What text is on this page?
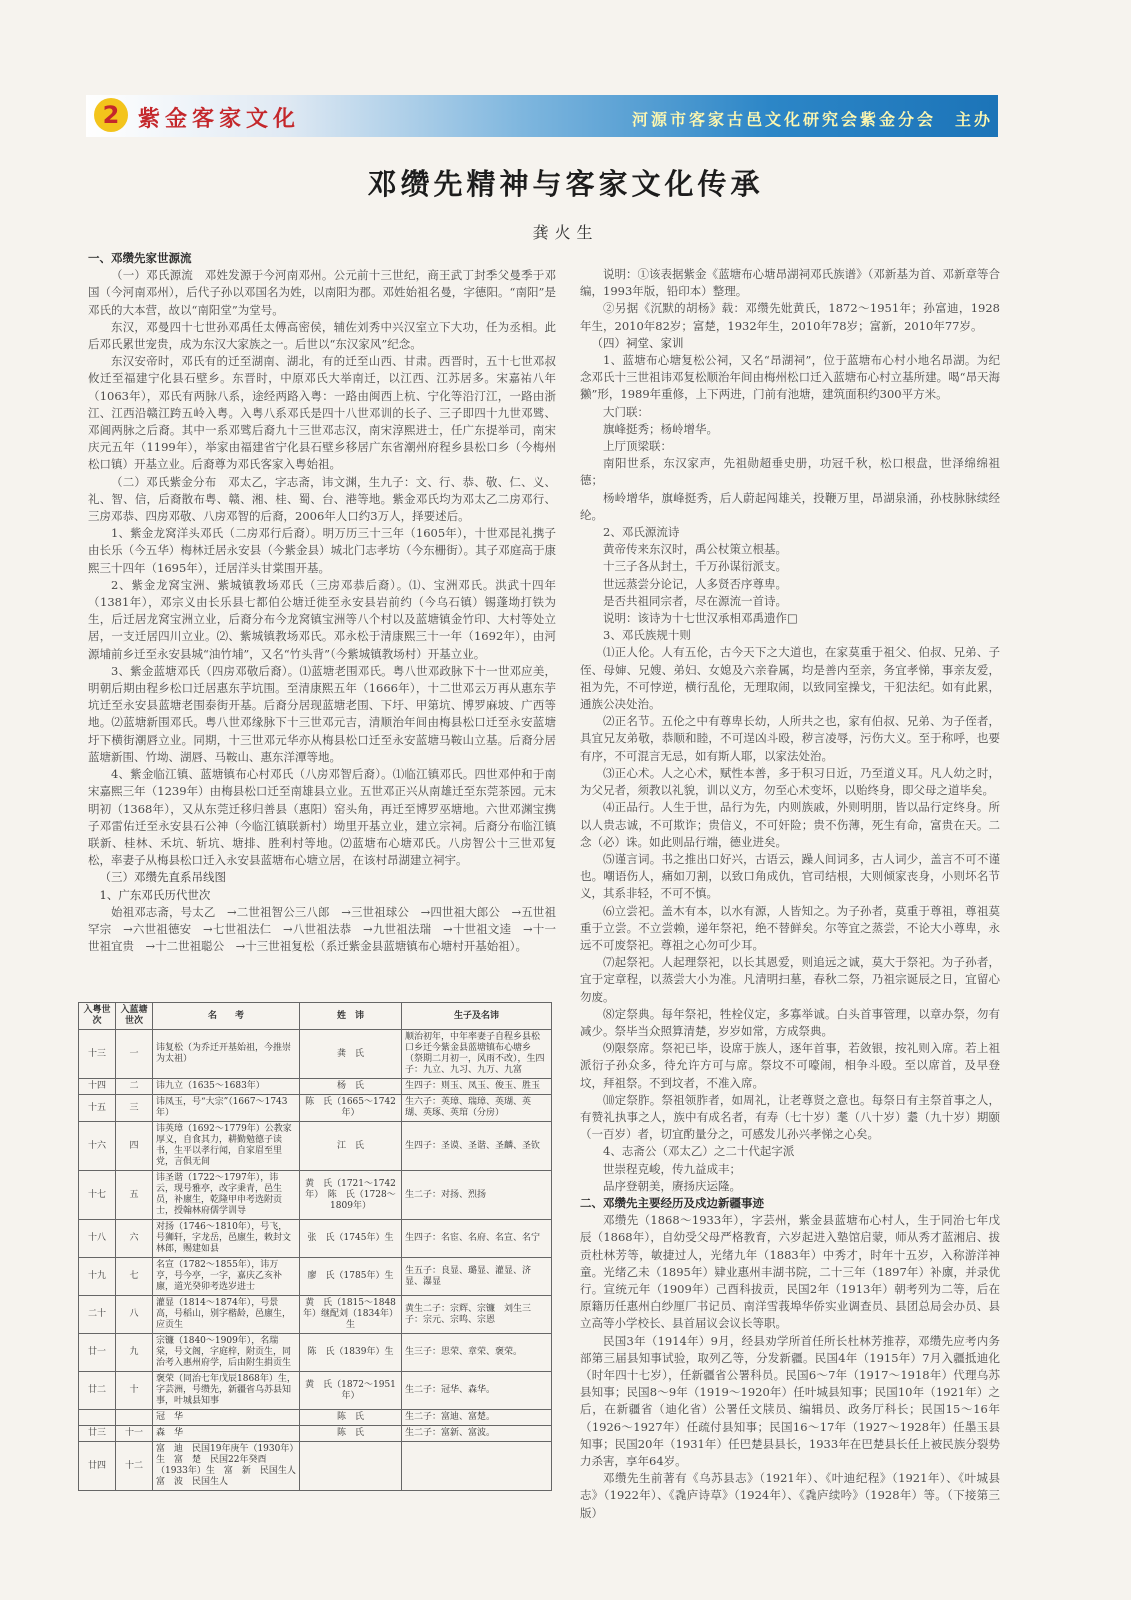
2 紫金客家文化	河源市客家古邑文化研究会紫金分会　主办
邓缵先精神与客家文化传承
龚火生

一、邓缵先家世源流

（一）邓氏源流　邓姓发源于今河南邓州。公元前十三世纪，商王武丁封季父曼季于邓国（今河南邓州），后代子孙以邓国名为姓，以南阳为郡。邓姓始祖名曼，字德阳。“南阳”是邓氏的大本营，故以“南阳堂”为堂号。

东汉，邓曼四十七世孙邓禹任太傅高密侯，辅佐刘秀中兴汉室立下大功，任为丞相。此后邓氏累世宠贵，成为东汉大家族之一。后世以“东汉家风”纪念。

东汉安帝时，邓氏有的迁至湖南、湖北，有的迁至山西、甘肃。西晋时，五十七世邓叔攸迁至福建宁化县石壁乡。东晋时，中原邓氏大举南迁，以江西、江苏居多。宋嘉祐八年（1063年），邓氏有两脉八系，途经两路入粤：一路由闽西上杭、宁化等沿汀江，一路由浙江、江西沿赣江跨五岭入粤。入粤八系邓氏是四十八世邓训的长子、三子即四十九世邓骘、邓阊两脉之后裔。其中一系邓骘后裔九十三世邓志汉，南宋淳熙进士，任广东提举司，南宋庆元五年（1199年），举家由福建省宁化县石壁乡移居广东省潮州府程乡县松口乡（今梅州松口镇）开基立业。后裔尊为邓氏客家入粤始祖。

（二）邓氏紫金分布　邓太乙，字志斋，讳文渊，生九子：文、行、恭、敬、仁、义、礼、智、信，后裔散布粤、赣、湘、桂、蜀、台、港等地。紫金邓氏均为邓太乙二房邓行、三房邓恭、四房邓敬、八房邓智的后裔，2006年人口约3万人，择要述后。

1、紫金龙窝洋头邓氏（二房邓行后裔）。明万历三十三年（1605年），十世邓昆礼携子由长乐（今五华）梅林迁居永安县（今紫金县）城北门志孝坊（今东栅街）。其子邓庭高于康熙三十四年（1695年），迁居洋头甘棠围开基。

2、紫金龙窝宝洲、紫城镇教场邓氏（三房邓恭后裔）。⑴、宝洲邓氏。洪武十四年（1381年），邓宗义由长乐县七都伯公塘迁徙至永安县岩前约（今乌石镇）锡蓬坳打铁为生，后迁居龙窝宝洲立业，后裔分布今龙窝镇宝洲等八个村以及蓝塘镇金竹印、大村等处立居，一支迁居四川立业。⑵、紫城镇教场邓氏。邓永松于清康熙三十一年（1692年），由河源埔前乡迁至永安县城“油竹埔”，又名“竹头背”（今紫城镇教场村）开基立业。

3、紫金蓝塘邓氏（四房邓敬后裔）。⑴蓝塘老围邓氏。粤八世邓政脉下十一世邓应美，明朝后期由程乡松口迁居惠东芋坑围。至清康熙五年（1666年），十二世邓云万再从惠东芋坑迁至永安县蓝塘老围泰街开基。后裔分居现蓝塘老围、下圩、甲第坑、博罗麻坡、广西等地。⑵蓝塘新围邓氏。粤八世邓缘脉下十三世邓元吉，清顺治年间由梅县松口迁至永安蓝塘圩下横街潮唇立业。同期，十三世邓元华亦从梅县松口迁至永安蓝塘马鞍山立基。后裔分居蓝塘新围、竹坳、湖唇、马鞍山、惠东洋潭等地。

4、紫金临江镇、蓝塘镇布心村邓氏（八房邓智后裔）。⑴临江镇邓氏。四世邓仲和于南宋嘉熙三年（1239年）由梅县松口迁至南雄县立业。五世邓正兴从南雄迁至东莞茶园。元末明初（1368年），又从东莞迁移归善县（惠阳）窑头角，再迁至博罗巫塘地。六世邓渊宝携子邓雷佑迁至永安县石公神（今临江镇联新村）坳里开基立业，建立宗祠。后裔分布临江镇联新、桂林、禾坑、斩坑、塘排、胜利村等地。⑵蓝塘布心塘邓氏。八房智公十三世邓复松，率妻子从梅县松口迁入永安县蓝塘布心塘立居，在该村昂湖建立祠宇。

（三）邓缵先直系吊线图

1、广东邓氏历代世次

始祖邓志斋，号太乙　→二世祖智公三八郎　→三世祖球公　→四世祖大郎公　→五世祖罕宗　→六世祖德安　→七世祖法仁　→八世祖法恭　→九世祖法瑞　→十世祖文逵　→十一世祖宜贵　→十二世祖聪公　→十三世祖复松（系迁紫金县蓝塘镇布心塘村开基始祖）。

入粤世次	入蓝塘世次	名　　考	姓　讳	生子及名讳
十三	一	讳复松（为乔迁开基始祖，今推崇为太祖）	龚　氏	顺治初年，中年率妻子自程乡县松口乡迁今紫金县蓝塘镇布心塘乡（祭期二月初一，风雨不改），生四子：九立、九习、九万、九富
十四	二	讳九立（1635～1683年）	杨　氏	生四子：则玉、凤玉、俊玉、胜玉
十五	三	讳凤玉，号“大宗”（1667～1743年）	陈　氏（1665～1742年）	生六子：英璋、瑞璋、英瑚、英瑚、英琢、英琯（分房）
十六	四	讳英璋（1692～1779年）公教家厚义，自食其力，耕勤勉德子读书，生平以孝行闻，自家眉至里党，言俱无间	江　氏	生四子：圣谟、圣谐、圣麟、圣钦
十七	五	讳圣谐（1722～1797年），讳云，现号雅亭，改字秉青，邑生员，补廪生，乾隆甲申考选附贡士，授翰林府儒学训导	黄　氏（1721～1742年）　陈　氏（1728～1809年）	生二子：对扬、烈扬
十八	六	对扬（1746～1810年），号飞，号狮轩，字龙岳，邑廪生，敕封文林郎，赐建如县	张　氏（1745年）生	生四子：名宦、名府、名宣、名宁
十九	七	名宣（1782～1855年），讳万亨，号今亭，一字，嘉庆乙亥补廪，道光癸卯考选岁进士	廖　氏（1785年）生	生五子：良显、璐显、灌显、济显、瀑显
二十	八	灌显（1814～1874年），号景高，号稻山，别字楷龄，邑廪生，应贡生	黄　氏（1815～1848年）继配刘（1834年）生	黄生二子：宗辉、宗镰　刘生三子：宗元、宗鸣、宗恩
廿一	九	宗镰（1840～1909年），名瑞棠，号文阁，字庭梓，附贡生，同治考入惠州府学，后由附生捐贡生	陈　氏（1839年）生	生三子：思荣、章荣、褒荣。
廿二	十	褒荣（同治七年戊辰1868年）生，字芸洲，号缵先，新疆省乌苏县知事，叶城县知事	黄　氏（1872～1951年）	生二子：冠华、森华。
		冠　华	陈　氏	生二子：富迪、富楚。
廿三	十一	森　华	陈　氏	生二子：富新、富波。
廿四	十二	富　迪　民国19年庚午（1930年）生　富　楚　民国22年癸酉（1933年）生　富　新　民国生人　富　波　民国生人		

说明：①该表据紫金《蓝塘布心塘昂湖祠邓氏族谱》（邓新基为首、邓新章等合编，1993年版，铅印本）整理。

②另据《沉默的胡杨》载：邓缵先妣黄氏，1872～1951年；孙富迪，1928年生，2010年82岁；富楚，1932年生，2010年78岁；富新，2010年77岁。

（四）祠堂、家训

1、蓝塘布心塘复松公祠，又名“昂湖祠”，位于蓝塘布心村小地名昂湖。为纪念邓氏十三世祖讳邓复松顺治年间由梅州松口迁入蓝塘布心村立基所建。喝“昂天海獭”形，1989年重修，上下两进，门前有池塘，建筑面积约300平方米。

大门联：

旗峰挺秀；杨岭增华。

上厅顶梁联：

南阳世系，东汉家声，先祖勋超垂史册，功冠千秋，松口根盘，世泽绵绵祖德；

杨岭增华，旗峰挺秀，后人蔚起闯雄关，投鞭万里，昂湖泉涌，孙枝脉脉续经纶。

2、邓氏源流诗

黄帝传来东汉时，禹公杖策立根基。

十三子各从封土，千万孙谋衍派支。

世远蒸尝分论记，人多贤否序尊卑。

是否共祖同宗者，尽在源流一首诗。

说明：该诗为十七世汉承相邓禹遗作□

3、邓氏族规十则

⑴正人伦。人有五伦，古今天下之大道也，在家莫重于祖父、伯叔、兄弟、子侄、母婶、兄嫂、弟妇、女媳及六亲眷属，均是善内至亲，务宜孝悌，事亲友爱，祖为先，不可悖逆，横行乱伦，无理取闹，以致同室操戈，干犯法纪。如有此累，通族公决处治。

⑵正名节。五伦之中有尊卑长幼，人所共之也，家有伯叔、兄弟、为子侄者，具宜兄友弟敬，恭顺和睦，不可逞凶斗殴，秽言凌辱，污伤大义。至于称呼，也要有序，不可混言无忌，如有斯人耶，以家法处治。

⑶正心术。人之心术，赋性本善，多于积习日近，乃至道义耳。凡人幼之时，为父兄者，须教以礼貌，训以义方，勿至心术变坏，以贻终身，即父母之道毕矣。

⑷正品行。人生于世，品行为先，内则族戚，外则明朋，皆以品行定终身。所以人贵志诚，不可欺诈；贵信义，不可奸险；贵不伤薄，死生有命，富贵在天。二念（必）诛。如此则品行端，德业进矣。

⑸谨言词。书之推出口好兴，古语云，躁人间词多，古人词少，盖言不可不谨也。嘲语伤人，痛如刀割，以致口角成仇，官司结根，大则倾家丧身，小则坏名节义，其系非轻，不可不慎。

⑹立尝祀。盖木有本，以水有源，人皆知之。为子孙者，莫重于尊祖，尊祖莫重于立尝。不立尝赖，递年祭祀，绝不替鲜矣。尔等宜之蒸尝，不论大小尊卑，永远不可废祭祀。尊祖之心勿可少耳。

⑺起祭祀。人起理祭祀，以长其恩爱，则追远之诚，莫大于祭祀。为子孙者，宜于定章程，以蒸尝大小为准。凡清明扫墓，春秋二祭，乃祖宗诞辰之日，宜留心勿废。

⑻定祭典。每年祭祀，牲栓仪定，多寡举诚。白头首事管理，以章办祭，勿有减少。祭毕当众照算清楚，岁岁如常，方成祭典。

⑼限祭席。祭祀已毕，设席于族人，逐年首事，若敛银，按礼则入席。若上祖派衍子孙众多，待允许方可与席。祭坟不可嚎闹，相争斗殴。至以席首，及早登坟，拜祖祭。不到坟者，不准入席。

⑽定祭胙。祭祖领胙者，如周礼，让老尊贤之意也。每祭日有主祭首事之人，有赞礼执事之人，族中有成名者，有寿（七十岁）耄（八十岁）耋（九十岁）期颐（一百岁）者，切宜酌量分之，可感发儿孙兴孝悌之心矣。

4、志斋公（邓太乙）之二十代起字派

世崇程克峻，传九益成丰；

品序登朝美，赓扬庆运隆。

二、邓缵先主要经历及戍边新疆事迹

邓缵先（1868～1933年），字芸州，紫金县蓝塘布心村人，生于同治七年戊辰（1868年），自幼受父母严格教育，六岁起进入塾馆启蒙，师从秀才蓝湘启、拔贡杜林芳等，敏捷过人，光绪九年（1883年）中秀才，时年十五岁，入称游洋神童。光绪乙未（1895年）肄业惠州丰湖书院，二十三年（1897年）补廪，并录优行。宣统元年（1909年）己酉科拔贡，民国2年（1913年）朝考列为二等，后在原籍历任惠州白纱厘厂书记员、南洋雪莪埠华侨实业调查员、县团总局会办员、县立高等小学校长、县首届议会议长等职。

民国3年（1914年）9月，经县劝学所首任所长杜林芳推荐，邓缵先应考内务部第三届县知事试验，取列乙等，分发新疆。民国4年（1915年）7月入疆抵迪化（时年四十七岁），任新疆省公署科员。民国6～7年（1917～1918年）代理乌苏县知事；民国8～9年（1919～1920年）任叶城县知事；民国10年（1921年）之后，在新疆省（迪化省）公署任文牍员、编辑员、政务厅科长；民国15～16年（1926～1927年）任疏付县知事；民国16～17年（1927～1928年）任墨玉县知事；民国20年（1931年）任巴楚县县长，1933年在巴楚县长任上被民族分裂势力杀害，享年64岁。

邓缵先生前著有《乌苏县志》（1921年）、《叶迪纪程》（1921年）、《叶城县志》（1922年）、《毳庐诗草》（1924年）、《毳庐续吟》（1928年）等。（下接第三版）
